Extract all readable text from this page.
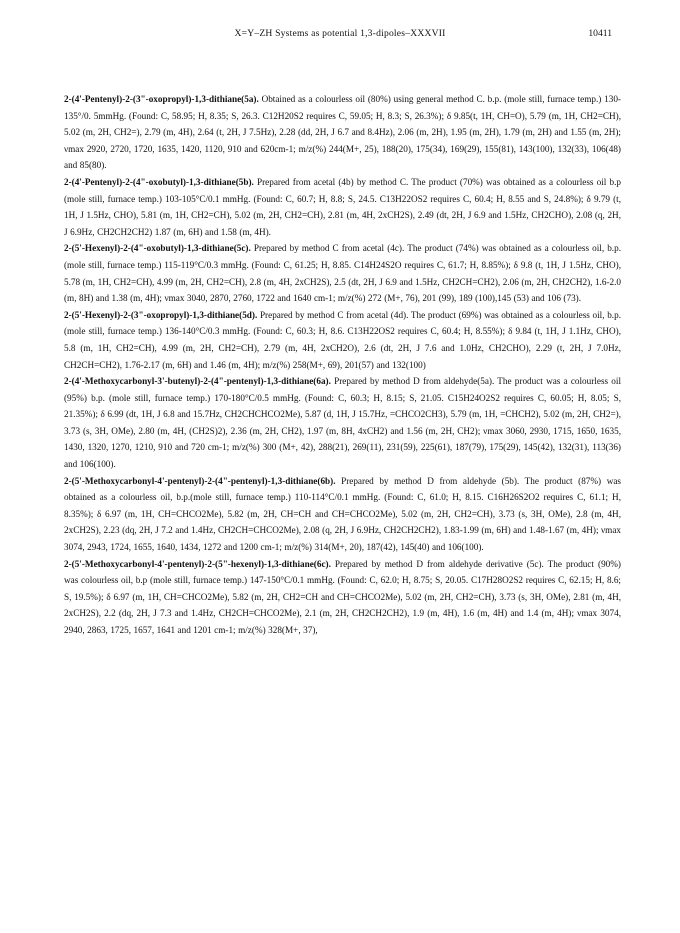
X=Y–ZH Systems as potential 1,3-dipoles–XXXVII	10411

2-(4'-Pentenyl)-2-(3"-oxopropyl)-1,3-dithiane(5a). Obtained as a colourless oil (80%) using general method C. b.p. (mole still, furnace temp.) 130-135°/0. 5mmHg. (Found: C, 58.95; H, 8.35; S, 26.3. C12H20S2 requires C, 59.05; H, 8.3; S, 26.3%); δ 9.85(t, 1H, CH=O), 5.79 (m, 1H, CH2=CH), 5.02 (m, 2H, CH2=), 2.79 (m, 4H), 2.64 (t, 2H, J 7.5Hz), 2.28 (dd, 2H, J 6.7 and 8.4Hz), 2.06 (m, 2H), 1.95 (m, 2H), 1.79 (m, 2H) and 1.55 (m, 2H); νmax 2920, 2720, 1720, 1635, 1420, 1120, 910 and 620cm-1; m/z(%) 244(M+, 25), 188(20), 175(34), 169(29), 155(81), 143(100), 132(33), 106(48) and 85(80).

2-(4'-Pentenyl)-2-(4"-oxobutyl)-1,3-dithiane(5b). Prepared from acetal (4b) by method C. The product (70%) was obtained as a colourless oil b.p (mole still, furnace temp.) 103-105°C/0.1 mmHg. (Found: C, 60.7; H, 8.8; S, 24.5. C13H22OS2 requires C, 60.4; H, 8.55 and S, 24.8%); δ 9.79 (t, 1H, J 1.5Hz, CHO), 5.81 (m, 1H, CH2=CH), 5.02 (m, 2H, CH2=CH), 2.81 (m, 4H, 2xCH2S), 2.49 (dt, 2H, J 6.9 and 1.5Hz, CH2CHO), 2.08 (q, 2H, J 6.9Hz, CH2CH2CH2) 1.87 (m, 6H) and 1.58 (m, 4H).

2-(5'-Hexenyl)-2-(4"-oxobutyl)-1,3-dithiane(5c). Prepared by method C from acetal (4c). The product (74%) was obtained as a colourless oil, b.p.(mole still, furnace temp.) 115-119°C/0.3 mmHg. (Found: C, 61.25; H, 8.85. C14H24S2O requires C, 61.7; H, 8.85%); δ 9.8 (t, 1H, J 1.5Hz, CHO), 5.78 (m, 1H, CH2=CH), 4.99 (m, 2H, CH2=CH), 2.8 (m, 4H, 2xCH2S), 2.5 (dt, 2H, J 6.9 and 1.5Hz, CH2CH=CH2), 2.06 (m, 2H, CH2CH2), 1.6-2.0 (m, 8H) and 1.38 (m, 4H); νmax 3040, 2870, 2760, 1722 and 1640 cm-1; m/z(%) 272 (M+, 76), 201 (99), 189 (100),145 (53) and 106 (73).

2-(5'-Hexenyl)-2-(3"-oxopropyl)-1,3-dithiane(5d). Prepared by method C from acetal (4d). The product (69%) was obtained as a colourless oil, b.p. (mole still, furnace temp.) 136-140°C/0.3 mmHg. (Found: C, 60.3; H, 8.6. C13H22OS2 requires C, 60.4; H, 8.55%); δ 9.84 (t, 1H, J 1.1Hz, CHO), 5.8 (m, 1H, CH2=CH), 4.99 (m, 2H, CH2=CH), 2.79 (m, 4H, 2xCH2O), 2.6 (dt, 2H, J 7.6 and 1.0Hz, CH2CHO), 2.29 (t, 2H, J 7.0Hz, CH2CH=CH2), 1.76-2.17 (m, 6H) and 1.46 (m, 4H); m/z(%) 258(M+, 69), 201(57) and 132(100)

2-(4'-Methoxycarbonyl-3'-butenyl)-2-(4"-pentenyl)-1,3-dithiane(6a). Prepared by method D from aldehyde(5a). The product was a colourless oil (95%) b.p. (mole still, furnace temp.) 170-180°C/0.5 mmHg. (Found: C, 60.3; H, 8.15; S, 21.05. C15H24O2S2 requires C, 60.05; H, 8.05; S, 21.35%); δ 6.99 (dt, 1H, J 6.8 and 15.7Hz, CH2CHCHCO2Me), 5.87 (d, 1H, J 15.7Hz, =CHCO2CH3), 5.79 (m, 1H, =CHCH2), 5.02 (m, 2H, CH2=), 3.73 (s, 3H, OMe), 2.80 (m, 4H, (CH2S)2), 2.36 (m, 2H, CH2), 1.97 (m, 8H, 4xCH2) and 1.56 (m, 2H, CH2); νmax 3060, 2930, 1715, 1650, 1635, 1430, 1320, 1270, 1210, 910 and 720 cm-1; m/z(%) 300 (M+, 42), 288(21), 269(11), 231(59), 225(61), 187(79), 175(29), 145(42), 132(31), 113(36) and 106(100).

2-(5'-Methoxycarbonyl-4'-pentenyl)-2-(4"-pentenyl)-1,3-dithiane(6b). Prepared by method D from aldehyde (5b). The product (87%) was obtained as a colourless oil, b.p.(mole still, furnace temp.) 110-114°C/0.1 mmHg. (Found: C, 61.0; H, 8.15. C16H26S2O2 requires C, 61.1; H, 8.35%); δ 6.97 (m, 1H, CH=CHCO2Me), 5.82 (m, 2H, CH=CH and CH=CHCO2Me), 5.02 (m, 2H, CH2=CH), 3.73 (s, 3H, OMe), 2.8 (m, 4H, 2xCH2S), 2.23 (dq, 2H, J 7.2 and 1.4Hz, CH2CH=CHCO2Me), 2.08 (q, 2H, J 6.9Hz, CH2CH2CH2), 1.83-1.99 (m, 6H) and 1.48-1.67 (m, 4H); νmax 3074, 2943, 1724, 1655, 1640, 1434, 1272 and 1200 cm-1; m/z(%) 314(M+, 20), 187(42), 145(40) and 106(100).

2-(5'-Methoxycarbonyl-4'-pentenyl)-2-(5"-hexenyl)-1,3-dithiane(6c). Prepared by method D from aldehyde derivative (5c). The product (90%) was colourless oil, b.p (mole still, furnace temp.) 147-150°C/0.1 mmHg. (Found: C, 62.0; H, 8.75; S, 20.05. C17H28O2S2 requires C, 62.15; H, 8.6; S, 19.5%); δ 6.97 (m, 1H, CH=CHCO2Me), 5.82 (m, 2H, CH2=CH and CH=CHCO2Me), 5.02 (m, 2H, CH2=CH), 3.73 (s, 3H, OMe), 2.81 (m, 4H, 2xCH2S), 2.2 (dq, 2H, J 7.3 and 1.4Hz, CH2CH=CHCO2Me), 2.1 (m, 2H, CH2CH2CH2), 1.9 (m, 4H), 1.6 (m, 4H) and 1.4 (m, 4H); νmax 3074, 2940, 2863, 1725, 1657, 1641 and 1201 cm-1; m/z(%) 328(M+, 37),
